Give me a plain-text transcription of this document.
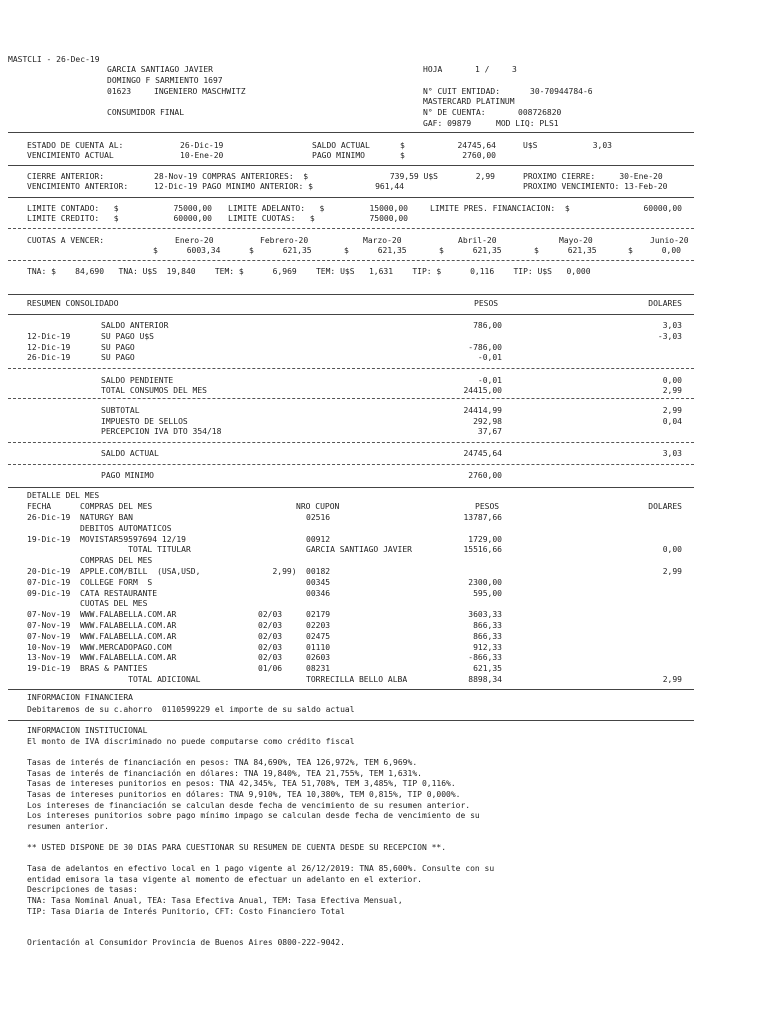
MASTCLI - 26-Dec-19
GARCIA SANTIAGO JAVIER
DOMINGO F SARMIENTO 1697
01623	INGENIERO MASCHWITZ
CONSUMIDOR FINAL
HOJA	1 /	3
N° CUIT ENTIDAD:	30-70944784-6
MASTERCARD PLATINUM
N° DE CUENTA:	008726820
GAF: 09879	MOD LIQ: PLS1
ESTADO DE CUENTA AL:	26-Dic-19
VENCIMIENTO ACTUAL	10-Ene-20
SALDO ACTUAL	$	24745,64	U$S	3,03
PAGO MINIMO	$	2760,00
CIERRE ANTERIOR:	28-Nov-19 COMPRAS ANTERIORES:  $	739,59 U$S	2,99	PROXIMO CIERRE:     30-Ene-20
VENCIMIENTO ANTERIOR:	12-Dic-19 PAGO MINIMO ANTERIOR: $	961,44	PROXIMO VENCIMIENTO: 13-Feb-20
LIMITE CONTADO:   $	75000,00 LIMITE ADELANTO:   $	15000,00	LIMITE PRES. FINANCIACION:  $	60000,00
LIMITE CREDITO:   $	60000,00 LIMITE CUOTAS:   $	75000,00
CUOTAS A VENCER:	Enero-20	Febrero-20	Marzo-20	Abril-20	Mayo-20	Junio-20
$      6003,34	$      621,35	$      621,35	$      621,35	$      621,35	$      0,00
TNA: $    84,690   TNA: U$S  19,840    TEM: $      6,969    TEM: U$S   1,631    TIP: $      0,116    TIP: U$S   0,000
RESUMEN CONSOLIDADO	PESOS	DOLARES
SALDO ANTERIOR	786,00	3,03
12-Dic-19	SU PAGO U$S	-3,03
12-Dic-19	SU PAGO	-786,00
26-Dic-19	SU PAGO	-0,01
SALDO PENDIENTE	-0,01	0,00
TOTAL CONSUMOS DEL MES	24415,00	2,99
SUBTOTAL	24414,99	2,99
IMPUESTO DE SELLOS	292,98	0,04
PERCEPCION IVA DTO 354/18	37,67
SALDO ACTUAL	24745,64	3,03
PAGO MINIMO	2760,00
DETALLE DEL MES
FECHA	COMPRAS DEL MES	NRO CUPON	PESOS	DOLARES
26-Dic-19 NATURGY BAN	02516	13787,66
DEBITOS AUTOMATICOS
19-Dic-19 MOVISTAR59597694 12/19	00912	1729,00
TOTAL TITULAR	GARCIA SANTIAGO JAVIER	15516,66	0,00
COMPRAS DEL MES
20-Dic-19 APPLE.COM/BILL  (USA,USD,	2,99) 00182	2,99
07-Dic-19 COLLEGE FORM  S	00345	2300,00
09-Dic-19 CATA RESTAURANTE	00346	595,00
CUOTAS DEL MES
07-Nov-19 WWW.FALABELLA.COM.AR	02/03	02179	3603,33
07-Nov-19 WWW.FALABELLA.COM.AR	02/03	02203	866,33
07-Nov-19 WWW.FALABELLA.COM.AR	02/03	02475	866,33
10-Nov-19 WWW.MERCADOPAGO.COM	02/03	01110	912,33
13-Nov-19 WWW.FALABELLA.COM.AR	02/03	02603	-866,33
19-Dic-19 BRAS & PANTIES	01/06	08231	621,35
TOTAL ADICIONAL	TORRECILLA BELLO ALBA	8898,34	2,99
INFORMACION FINANCIERA
Debitaremos de su c.ahorro  0110599229 el importe de su saldo actual
INFORMACION INSTITUCIONAL
El monto de IVA discriminado no puede computarse como crédito fiscal
Tasas de interés de financiación en pesos: TNA 84,690%, TEA 126,972%, TEM 6,969%.
Tasas de interés de financiación en dólares: TNA 19,840%, TEA 21,755%, TEM 1,631%.
Tasas de intereses punitorios en pesos: TNA 42,345%, TEA 51,708%, TEM 3,485%, TIP 0,116%.
Tasas de intereses punitorios en dólares: TNA 9,910%, TEA 10,380%, TEM 0,815%, TIP 0,000%.
Los intereses de financiación se calculan desde fecha de vencimiento de su resumen anterior.
Los intereses punitorios sobre pago mínimo impago se calculan desde fecha de vencimiento de su
resumen anterior.
** USTED DISPONE DE 30 DIAS PARA CUESTIONAR SU RESUMEN DE CUENTA DESDE SU RECEPCION **.
Tasa de adelantos en efectivo local en 1 pago vigente al 26/12/2019: TNA 85,600%. Consulte con su
entidad emisora la tasa vigente al momento de efectuar un adelanto en el exterior.
Descripciones de tasas:
TNA: Tasa Nominal Anual, TEA: Tasa Efectiva Anual, TEM: Tasa Efectiva Mensual,
TIP: Tasa Diaria de Interés Punitorio, CFT: Costo Financiero Total
Orientación al Consumidor Provincia de Buenos Aires 0800-222-9042.
